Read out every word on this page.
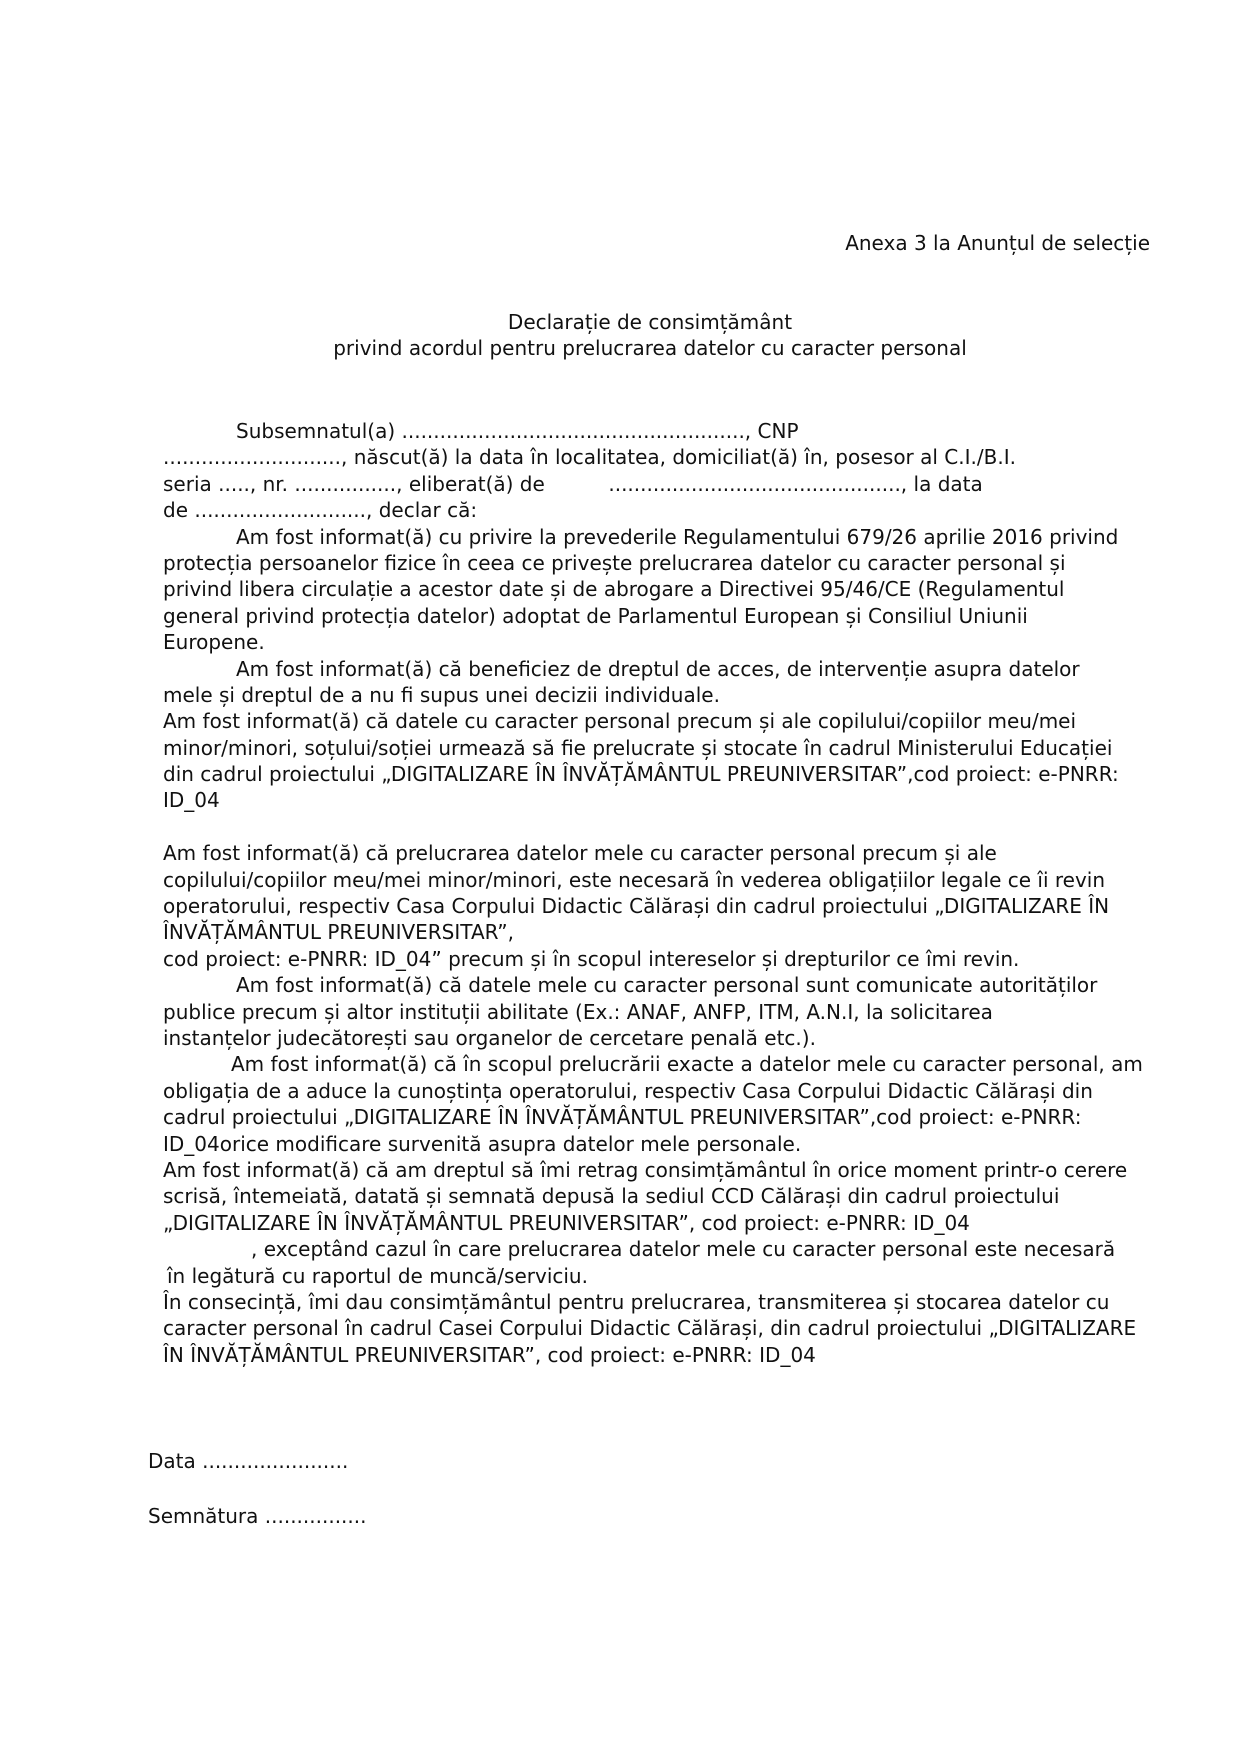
Anexa 3 la Anunțul de selecție
Declarație de consimțământ
privind acordul pentru prelucrarea datelor cu caracter personal
Subsemnatul(a) ......................................................, CNP
............................, născut(ă) la data în localitatea, domiciliat(ă) în, posesor al C.I./B.I.
seria ....., nr. ................, eliberat(ă) de          .............................................., la data
de ..........................., declar că:
Am fost informat(ă) cu privire la prevederile Regulamentului 679/26 aprilie 2016 privind
protecția persoanelor fizice în ceea ce privește prelucrarea datelor cu caracter personal și
privind libera circulație a acestor date și de abrogare a Directivei 95/46/CE (Regulamentul
general privind protecția datelor) adoptat de Parlamentul European și Consiliul Uniunii
Europene.
Am fost informat(ă) că beneficiez de dreptul de acces, de intervenție asupra datelor
mele și dreptul de a nu fi supus unei decizii individuale.
Am fost informat(ă) că datele cu caracter personal precum și ale copilului/copiilor meu/mei
minor/minori, soțului/soției urmează să fie prelucrate și stocate în cadrul Ministerului Educației
din cadrul proiectului „DIGITALIZARE ÎN ÎNVĂȚĂMÂNTUL PREUNIVERSITAR”,cod proiect: e-PNRR:
ID_04
Am fost informat(ă) că prelucrarea datelor mele cu caracter personal precum și ale
copilului/copiilor meu/mei minor/minori, este necesară în vederea obligațiilor legale ce îi revin
operatorului, respectiv Casa Corpului Didactic Călărași din cadrul proiectului „DIGITALIZARE ÎN
ÎNVĂȚĂMÂNTUL PREUNIVERSITAR”,
cod proiect: e-PNRR: ID_04” precum și în scopul intereselor și drepturilor ce îmi revin.
Am fost informat(ă) că datele mele cu caracter personal sunt comunicate autorităților
publice precum și altor instituții abilitate (Ex.: ANAF, ANFP, ITM, A.N.I, la solicitarea
instanțelor judecătorești sau organelor de cercetare penală etc.).
Am fost informat(ă) că în scopul prelucrării exacte a datelor mele cu caracter personal, am
obligația de a aduce la cunoștința operatorului, respectiv Casa Corpului Didactic Călărași din
cadrul proiectului „DIGITALIZARE ÎN ÎNVĂȚĂMÂNTUL PREUNIVERSITAR”,cod proiect: e-PNRR:
ID_04orice modificare survenită asupra datelor mele personale.
Am fost informat(ă) că am dreptul să îmi retrag consimțământul în orice moment printr-o cerere
scrisă, întemeiată, datată și semnată depusă la sediul CCD Călărași din cadrul proiectului
„DIGITALIZARE ÎN ÎNVĂȚĂMÂNTUL PREUNIVERSITAR”, cod proiect: e-PNRR: ID_04
, exceptând cazul în care prelucrarea datelor mele cu caracter personal este necesară
în legătură cu raportul de muncă/serviciu.
În consecință, îmi dau consimțământul pentru prelucrarea, transmiterea și stocarea datelor cu
caracter personal în cadrul Casei Corpului Didactic Călărași, din cadrul proiectului „DIGITALIZARE
ÎN ÎNVĂȚĂMÂNTUL PREUNIVERSITAR”, cod proiect: e-PNRR: ID_04
Data .......................
Semnătura ................
